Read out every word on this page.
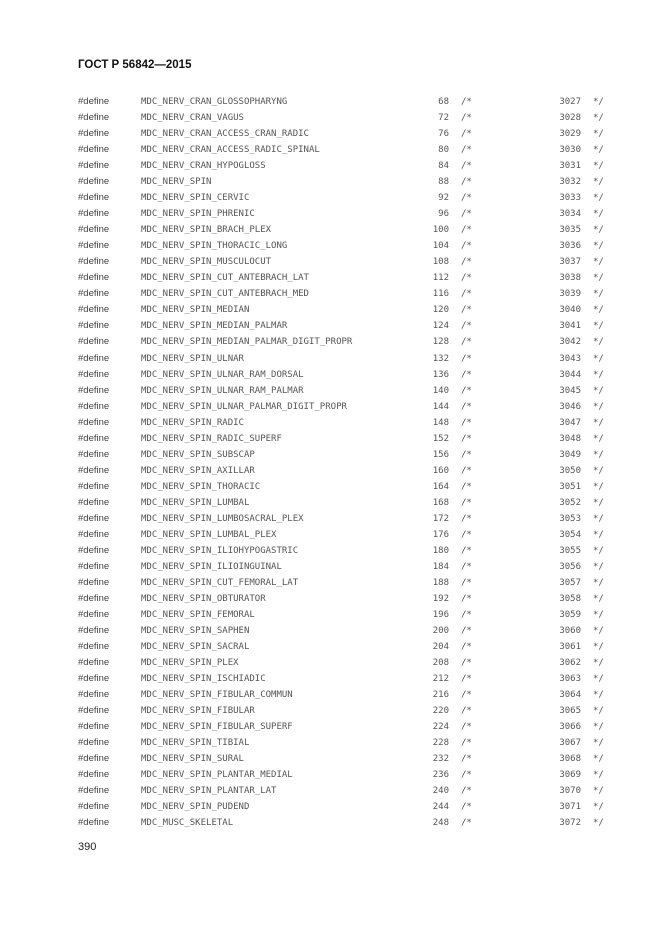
ГОСТ Р 56842—2015
#define	MDC_NERV_CRAN_GLOSSOPHARYNG	68 /*	3027 */
#define	MDC_NERV_CRAN_VAGUS	72 /*	3028 */
#define	MDC_NERV_CRAN_ACCESS_CRAN_RADIC	76 /*	3029 */
#define	MDC_NERV_CRAN_ACCESS_RADIC_SPINAL	80 /*	3030 */
#define	MDC_NERV_CRAN_HYPOGLOSS	84 /*	3031 */
#define	MDC_NERV_SPIN	88 /*	3032 */
#define	MDC_NERV_SPIN_CERVIC	92 /*	3033 */
#define	MDC_NERV_SPIN_PHRENIC	96 /*	3034 */
#define	MDC_NERV_SPIN_BRACH_PLEX	100 /*	3035 */
#define	MDC_NERV_SPIN_THORACIC_LONG	104 /*	3036 */
#define	MDC_NERV_SPIN_MUSCULOCUT	108 /*	3037 */
#define	MDC_NERV_SPIN_CUT_ANTEBRACH_LAT	112 /*	3038 */
#define	MDC_NERV_SPIN_CUT_ANTEBRACH_MED	116 /*	3039 */
#define	MDC_NERV_SPIN_MEDIAN	120 /*	3040 */
#define	MDC_NERV_SPIN_MEDIAN_PALMAR	124 /*	3041 */
#define	MDC_NERV_SPIN_MEDIAN_PALMAR_DIGIT_PROPR	128 /*	3042 */
#define	MDC_NERV_SPIN_ULNAR	132 /*	3043 */
#define	MDC_NERV_SPIN_ULNAR_RAM_DORSAL	136 /*	3044 */
#define	MDC_NERV_SPIN_ULNAR_RAM_PALMAR	140 /*	3045 */
#define	MDC_NERV_SPIN_ULNAR_PALMAR_DIGIT_PROPR	144 /*	3046 */
#define	MDC_NERV_SPIN_RADIC	148 /*	3047 */
#define	MDC_NERV_SPIN_RADIC_SUPERF	152 /*	3048 */
#define	MDC_NERV_SPIN_SUBSCAP	156 /*	3049 */
#define	MDC_NERV_SPIN_AXILLAR	160 /*	3050 */
#define	MDC_NERV_SPIN_THORACIC	164 /*	3051 */
#define	MDC_NERV_SPIN_LUMBAL	168 /*	3052 */
#define	MDC_NERV_SPIN_LUMBOSACRAL_PLEX	172 /*	3053 */
#define	MDC_NERV_SPIN_LUMBAL_PLEX	176 /*	3054 */
#define	MDC_NERV_SPIN_ILIOHYPOGASTRIC	180 /*	3055 */
#define	MDC_NERV_SPIN_ILIOINGUINAL	184 /*	3056 */
#define	MDC_NERV_SPIN_CUT_FEMORAL_LAT	188 /*	3057 */
#define	MDC_NERV_SPIN_OBTURATOR	192 /*	3058 */
#define	MDC_NERV_SPIN_FEMORAL	196 /*	3059 */
#define	MDC_NERV_SPIN_SAPHEN	200 /*	3060 */
#define	MDC_NERV_SPIN_SACRAL	204 /*	3061 */
#define	MDC_NERV_SPIN_PLEX	208 /*	3062 */
#define	MDC_NERV_SPIN_ISCHIADIC	212 /*	3063 */
#define	MDC_NERV_SPIN_FIBULAR_COMMUN	216 /*	3064 */
#define	MDC_NERV_SPIN_FIBULAR	220 /*	3065 */
#define	MDC_NERV_SPIN_FIBULAR_SUPERF	224 /*	3066 */
#define	MDC_NERV_SPIN_TIBIAL	228 /*	3067 */
#define	MDC_NERV_SPIN_SURAL	232 /*	3068 */
#define	MDC_NERV_SPIN_PLANTAR_MEDIAL	236 /*	3069 */
#define	MDC_NERV_SPIN_PLANTAR_LAT	240 /*	3070 */
#define	MDC_NERV_SPIN_PUDEND	244 /*	3071 */
#define	MDC_MUSC_SKELETAL	248 /*	3072 */
390
